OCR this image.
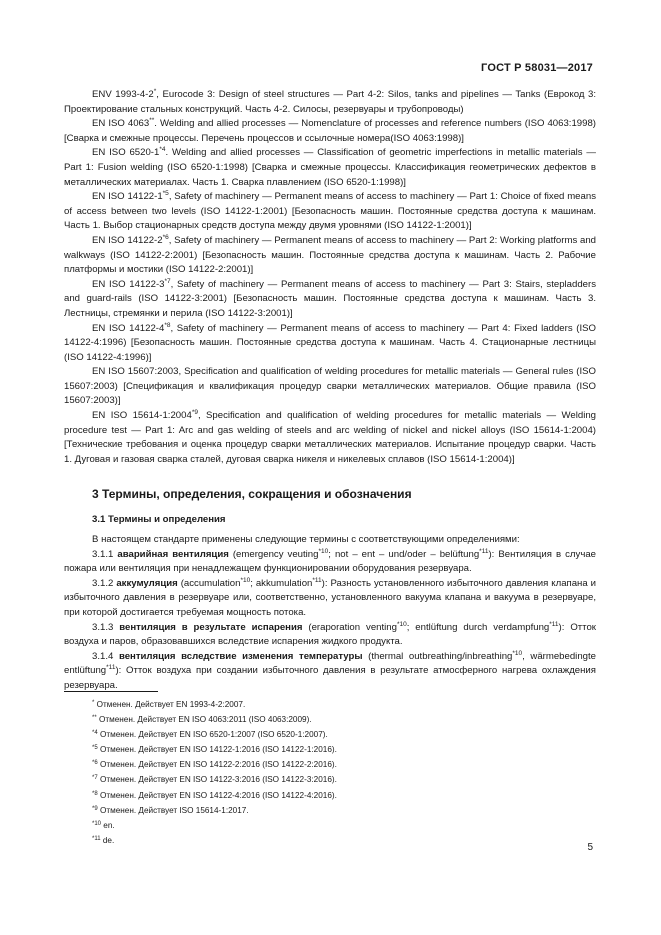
ГОСТ Р 58031—2017

ENV 1993-4-2*, Eurocode 3: Design of steel structures — Part 4-2: Silos, tanks and pipelines — Tanks (Еврокод 3: Проектирование стальных конструкций. Часть 4-2. Силосы, резервуары и трубопроводы)

EN ISO 4063**. Welding and allied processes — Nomenclature of processes and reference numbers (ISO 4063:1998) [Сварка и смежные процессы. Перечень процессов и ссылочные номера(ISO 4063:1998)]

EN ISO 6520-1$^{*4}$. Welding and allied processes — Classification of geometric imperfections in metallic materials — Part 1: Fusion welding (ISO 6520-1:1998) [Сварка и смежные процессы. Классификация геометрических дефектов в металлических материалах. Часть 1. Сварка плавлением (ISO 6520-1:1998)]

EN ISO 14122-1$^{*5}$, Safety of machinery — Permanent means of access to machinery — Part 1: Choice of fixed means of access between two levels (ISO 14122-1:2001) [Безопасность машин. Постоянные средства доступа к машинам. Часть 1. Выбор стационарных средств доступа между двумя уровнями (ISO 14122-1:2001)]

EN ISO 14122-2$^{*6}$, Safety of machinery — Permanent means of access to machinery — Part 2: Working platforms and walkways (ISO 14122-2:2001) [Безопасность машин. Постоянные средства доступа к машинам. Часть 2. Рабочие платформы и мостики (ISO 14122-2:2001)]

EN ISO 14122-3$^{*7}$, Safety of machinery — Permanent means of access to machinery — Part 3: Stairs, stepladders and guard-rails (ISO 14122-3:2001) [Безопасность машин. Постоянные средства доступа к машинам. Часть 3. Лестницы, стремянки и перила (ISO 14122-3:2001)]

EN ISO 14122-4$^{*8}$, Safety of machinery — Permanent means of access to machinery — Part 4: Fixed ladders (ISO 14122-4:1996) [Безопасность машин. Постоянные средства доступа к машинам. Часть 4. Стационарные лестницы (ISO 14122-4:1996)]

EN ISO 15607:2003, Specification and qualification of welding procedures for metallic materials — General rules (ISO 15607:2003) [Спецификация и квалификация процедур сварки металлических материалов. Общие правила (ISO 15607:2003)]

EN ISO 15614-1:2004$^{*9}$, Specification and qualification of welding procedures for metallic materials — Welding procedure test — Part 1: Arc and gas welding of steels and arc welding of nickel and nickel alloys (ISO 15614-1:2004) [Технические требования и оценка процедур сварки металлических материалов. Испытание процедур сварки. Часть 1. Дуговая и газовая сварка сталей, дуговая сварка никеля и никелевых сплавов (ISO 15614-1:2004)]

3 Термины, определения, сокращения и обозначения
3.1 Термины и определения

В настоящем стандарте применены следующие термины с соответствующими определениями:

3.1.1 аварийная вентиляция (emergency veuting$^{*10}$; not – ent – und/oder – belüftung$^{*11}$): Вентиляция в случае пожара или вентиляция при ненадлежащем функционировании оборудования резервуара.

3.1.2 аккумуляция (accumulation$^{*10}$; akkumulation$^{*11}$): Разность установленного избыточного давления клапана и избыточного давления в резервуаре или, соответственно, установленного вакуума клапана и вакуума в резервуаре, при которой достигается требуемая мощность потока.

3.1.3 вентиляция в результате испарения (eraporation venting$^{*10}$; entlüftung durch verdampfung$^{*11}$): Отток воздуха и паров, образовавшихся вследствие испарения жидкого продукта.

3.1.4 вентиляция вследствие изменения температуры (thermal outbreathing/inbreathing$^{*10}$, wärmebedingte entlüftung$^{*11}$): Отток воздуха при создании избыточного давления в результате атмосферного нагрева охлаждения резервуара.

* Отменен. Действует EN 1993-4-2:2007.

** Отменен. Действует EN ISO 4063:2011 (ISO 4063:2009).

$^{*4}$ Отменен. Действует EN ISO 6520-1:2007 (ISO 6520-1:2007).

$^{*5}$ Отменен. Действует EN ISO 14122-1:2016 (ISO 14122-1:2016).

$^{*6}$ Отменен. Действует EN ISO 14122-2:2016 (ISO 14122-2:2016).

$^{*7}$ Отменен. Действует EN ISO 14122-3:2016 (ISO 14122-3:2016).

$^{*8}$ Отменен. Действует EN ISO 14122-4:2016 (ISO 14122-4:2016).

$^{*9}$ Отменен. Действует ISO 15614-1:2017.

$^{*10}$ en.

$^{*11}$ de.

5
